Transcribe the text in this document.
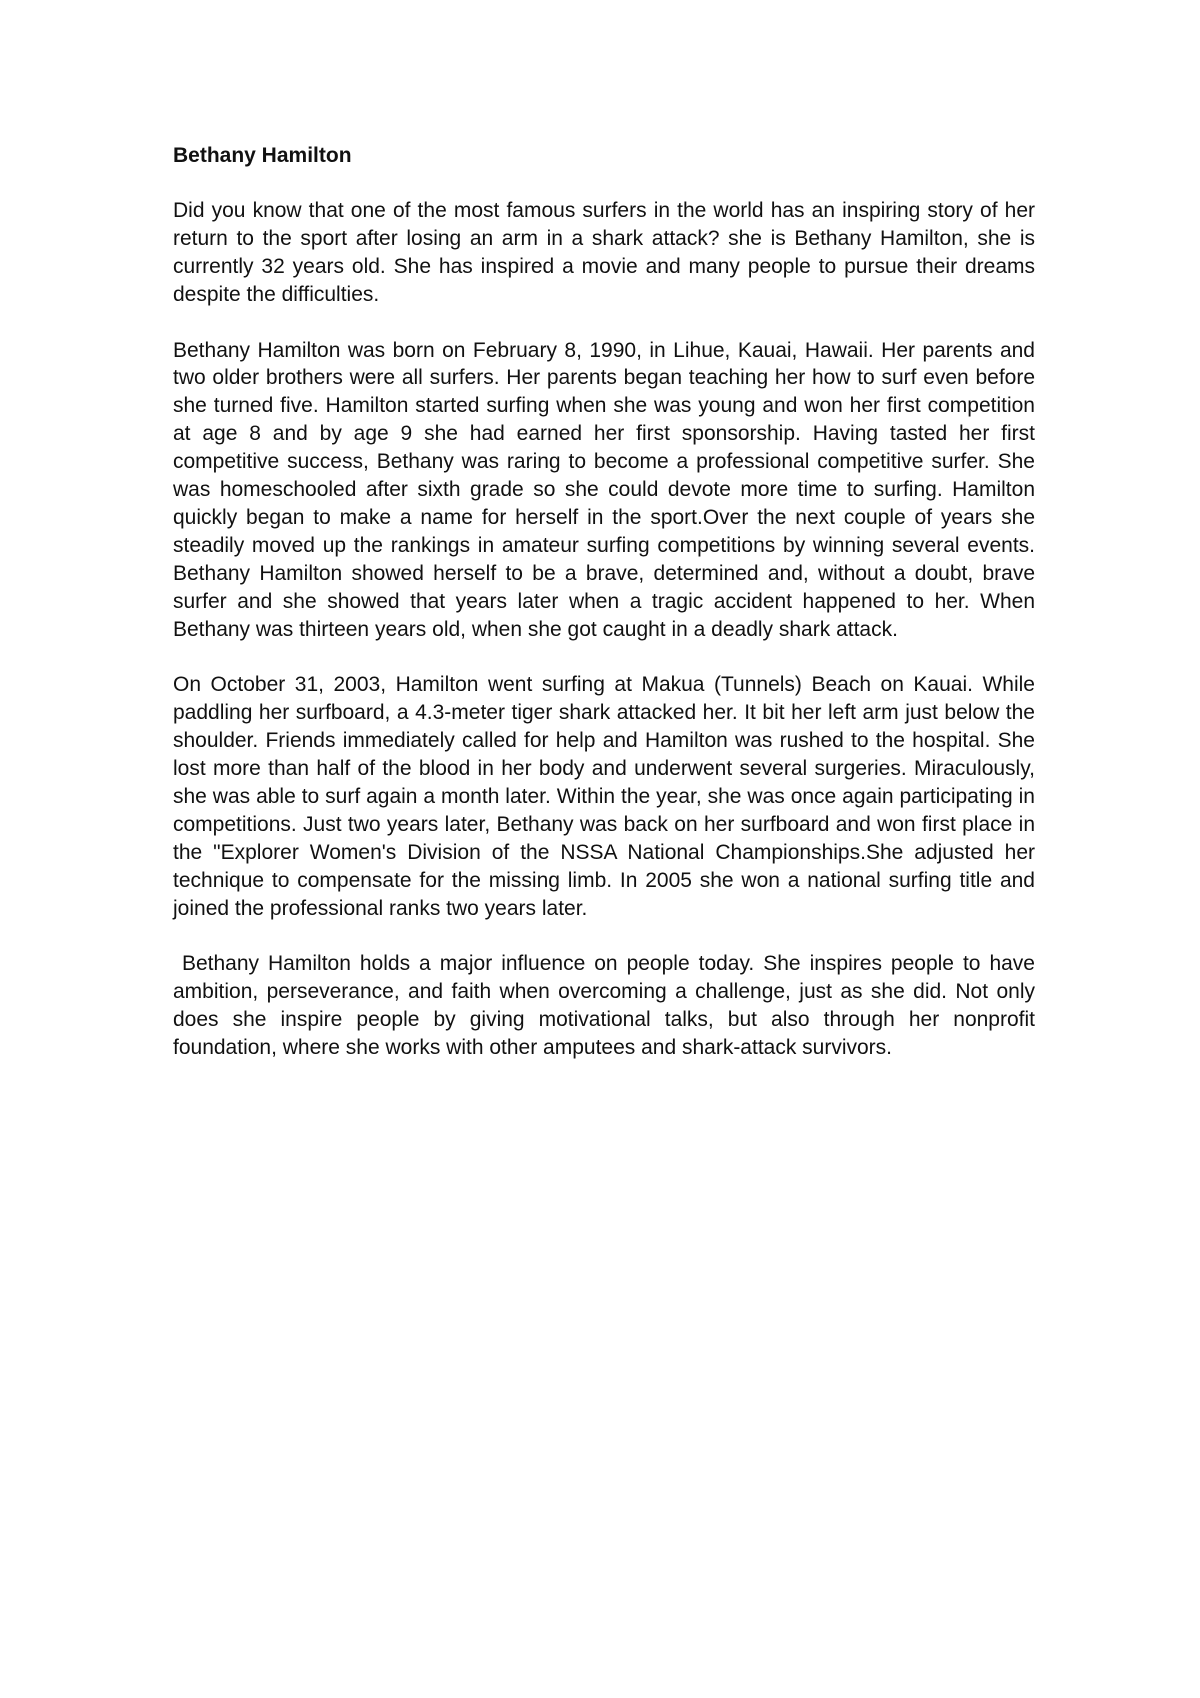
Bethany Hamilton

Did you know that one of the most famous surfers in the world has an inspiring story of her return to the sport after losing an arm in a shark attack? she is Bethany Hamilton, she is currently 32 years old. She has inspired a movie and many people to pursue their dreams despite the difficulties.

Bethany Hamilton was born on February 8, 1990, in Lihue, Kauai, Hawaii. Her parents and two older brothers were all surfers. Her parents began teaching her how to surf even before she turned five. Hamilton started surfing when she was young and won her first competition at age 8 and by age 9 she had earned her first sponsorship. Having tasted her first competitive success, Bethany was raring to become a professional competitive surfer. She was homeschooled after sixth grade so she could devote more time to surfing. Hamilton quickly began to make a name for herself in the sport.Over the next couple of years she steadily moved up the rankings in amateur surfing competitions by winning several events. Bethany Hamilton showed herself to be a brave, determined and, without a doubt, brave surfer and she showed that years later when a tragic accident happened to her. When Bethany was thirteen years old, when she got caught in a deadly shark attack.

On October 31, 2003, Hamilton went surfing at Makua (Tunnels) Beach on Kauai. While paddling her surfboard, a 4.3-meter tiger shark attacked her. It bit her left arm just below the shoulder. Friends immediately called for help and Hamilton was rushed to the hospital. She lost more than half of the blood in her body and underwent several surgeries. Miraculously, she was able to surf again a month later. Within the year, she was once again participating in competitions. Just two years later, Bethany was back on her surfboard and won first place in the "Explorer Women's Division of the NSSA National Championships.She adjusted her technique to compensate for the missing limb. In 2005 she won a national surfing title and joined the professional ranks two years later.

Bethany Hamilton holds a major influence on people today. She inspires people to have ambition, perseverance, and faith when overcoming a challenge, just as she did. Not only does she inspire people by giving motivational talks, but also through her nonprofit foundation, where she works with other amputees and shark-attack survivors.
